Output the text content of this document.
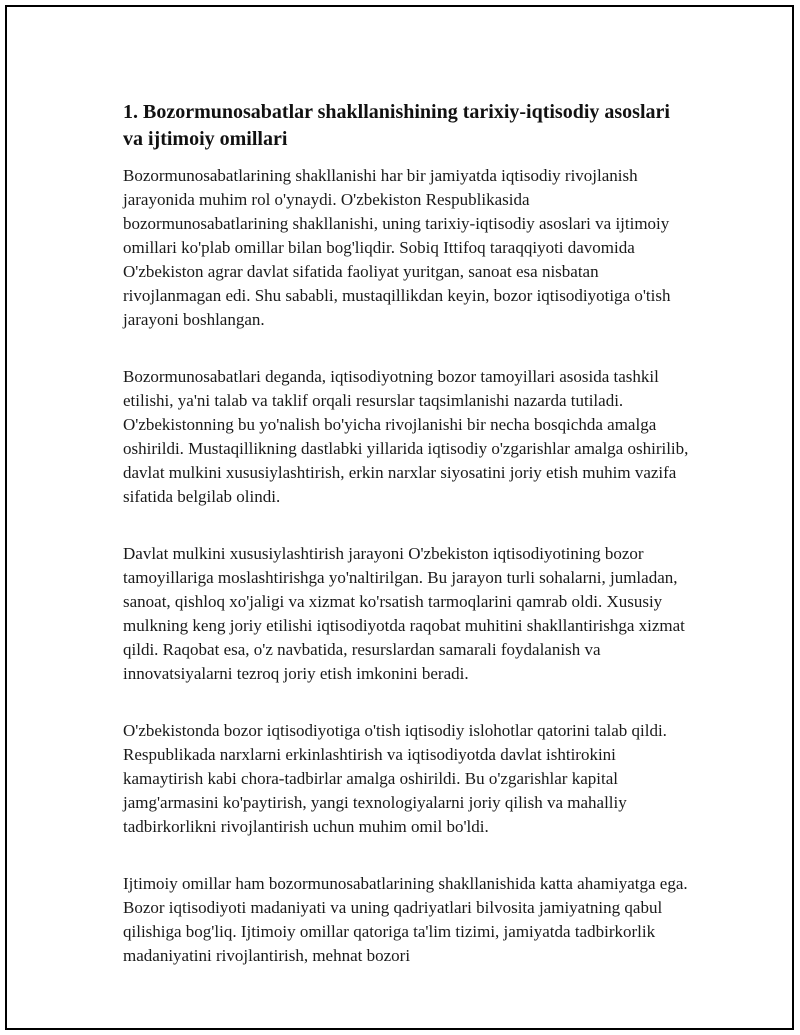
1. Bozormunosabatlar shakllanishining tarixiy-iqtisodiy asoslari va ijtimoiy omillari

Bozormunosabatlarining shakllanishi har bir jamiyatda iqtisodiy rivojlanish jarayonida muhim rol o'ynaydi. O'zbekiston Respublikasida bozormunosabatlarining shakllanishi, uning tarixiy-iqtisodiy asoslari va ijtimoiy omillari ko'plab omillar bilan bog'liqdir. Sobiq Ittifoq taraqqiyoti davomida O'zbekiston agrar davlat sifatida faoliyat yuritgan, sanoat esa nisbatan rivojlanmagan edi. Shu sababli, mustaqillikdan keyin, bozor iqtisodiyotiga o'tish jarayoni boshlangan.

Bozormunosabatlari deganda, iqtisodiyotning bozor tamoyillari asosida tashkil etilishi, ya'ni talab va taklif orqali resurslar taqsimlanishi nazarda tutiladi. O'zbekistonning bu yo'nalish bo'yicha rivojlanishi bir necha bosqichda amalga oshirildi. Mustaqillikning dastlabki yillarida iqtisodiy o'zgarishlar amalga oshirilib, davlat mulkini xususiylashtirish, erkin narxlar siyosatini joriy etish muhim vazifa sifatida belgilab olindi.

Davlat mulkini xususiylashtirish jarayoni O'zbekiston iqtisodiyotining bozor tamoyillariga moslashtirishga yo'naltirilgan. Bu jarayon turli sohalarni, jumladan, sanoat, qishloq xo'jaligi va xizmat ko'rsatish tarmoqlarini qamrab oldi. Xususiy mulkning keng joriy etilishi iqtisodiyotda raqobat muhitini shakllantirishga xizmat qildi. Raqobat esa, o'z navbatida, resurslardan samarali foydalanish va innovatsiyalarni tezroq joriy etish imkonini beradi.

O'zbekistonda bozor iqtisodiyotiga o'tish iqtisodiy islohotlar qatorini talab qildi. Respublikada narxlarni erkinlashtirish va iqtisodiyotda davlat ishtirokini kamaytirish kabi chora-tadbirlar amalga oshirildi. Bu o'zgarishlar kapital jamg'armasini ko'paytirish, yangi texnologiyalarni joriy qilish va mahalliy tadbirkorlikni rivojlantirish uchun muhim omil bo'ldi.

Ijtimoiy omillar ham bozormunosabatlarining shakllanishida katta ahamiyatga ega. Bozor iqtisodiyoti madaniyati va uning qadriyatlari bilvosita jamiyatning qabul qilishiga bog'liq. Ijtimoiy omillar qatoriga ta'lim tizimi, jamiyatda tadbirkorlik madaniyatini rivojlantirish, mehnat bozori
